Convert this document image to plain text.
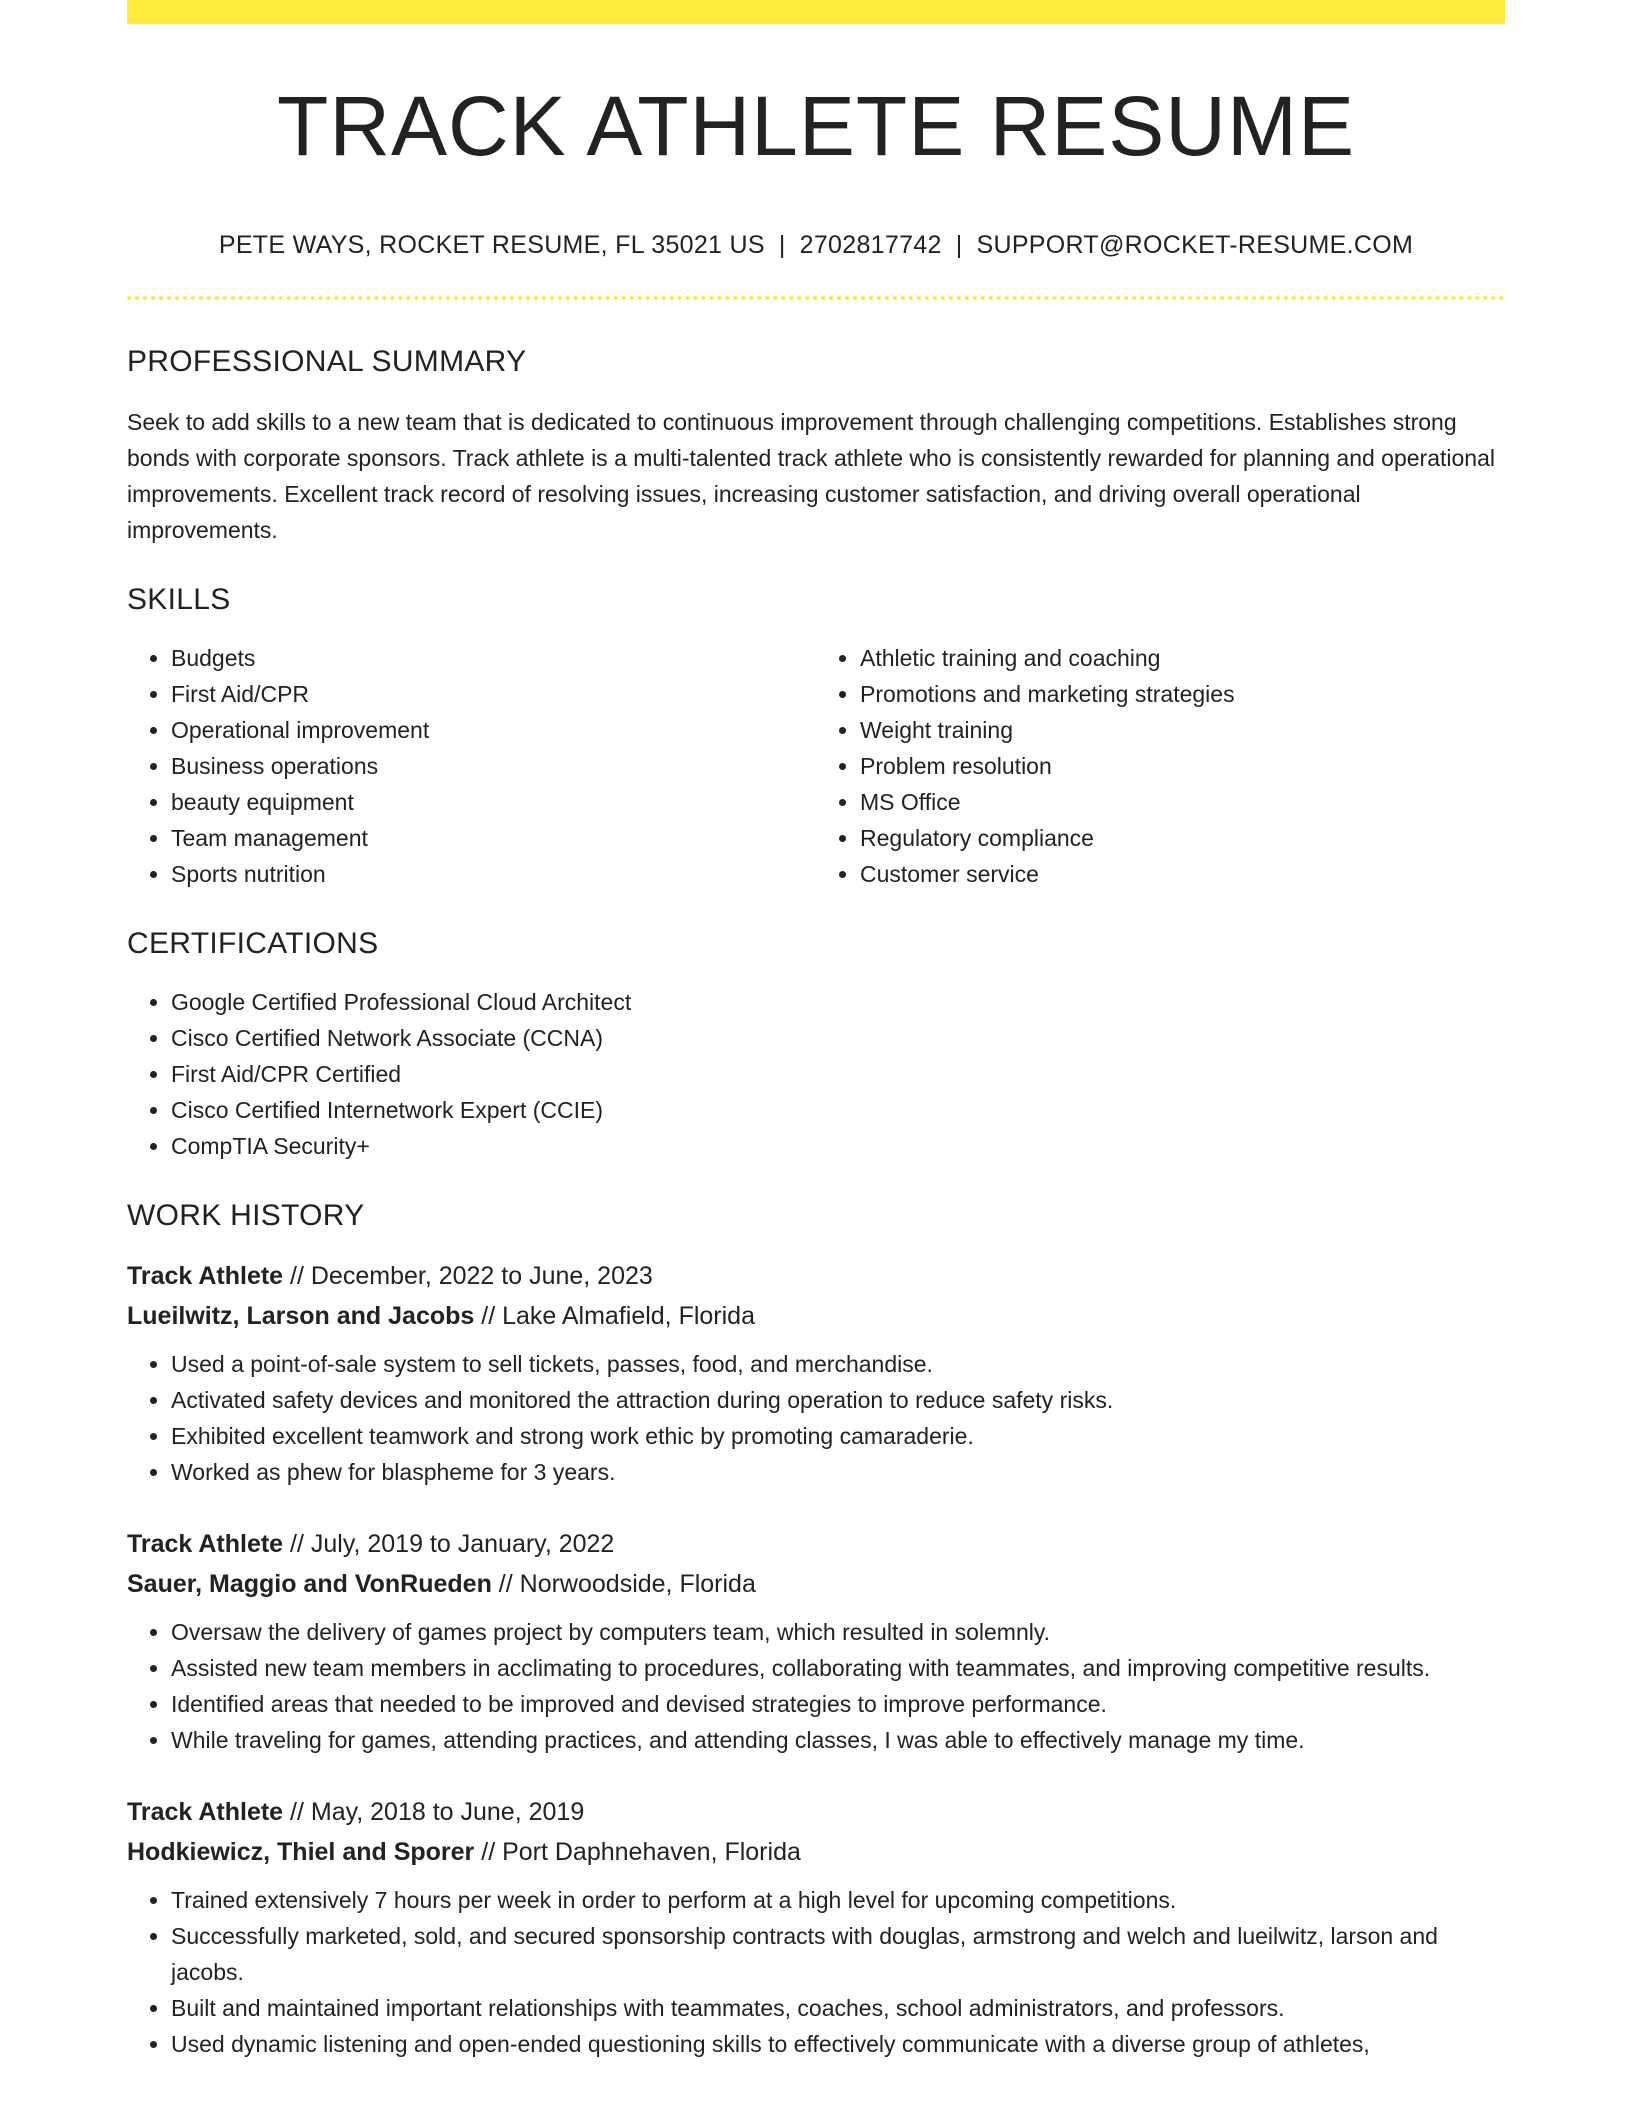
TRACK ATHLETE RESUME
PETE WAYS, ROCKET RESUME, FL 35021 US | 2702817742 | SUPPORT@ROCKET-RESUME.COM
PROFESSIONAL SUMMARY

Seek to add skills to a new team that is dedicated to continuous improvement through challenging competitions. Establishes strong bonds with corporate sponsors. Track athlete is a multi-talented track athlete who is consistently rewarded for planning and operational improvements. Excellent track record of resolving issues, increasing customer satisfaction, and driving overall operational improvements.

SKILLS
• Budgets
• First Aid/CPR
• Operational improvement
• Business operations
• beauty equipment
• Team management
• Sports nutrition
• Athletic training and coaching
• Promotions and marketing strategies
• Weight training
• Problem resolution
• MS Office
• Regulatory compliance
• Customer service
CERTIFICATIONS
• Google Certified Professional Cloud Architect
• Cisco Certified Network Associate (CCNA)
• First Aid/CPR Certified
• Cisco Certified Internetwork Expert (CCIE)
• CompTIA Security+
WORK HISTORY
Track Athlete // December, 2022 to June, 2023
Lueilwitz, Larson and Jacobs // Lake Almafield, Florida
• Used a point-of-sale system to sell tickets, passes, food, and merchandise.
• Activated safety devices and monitored the attraction during operation to reduce safety risks.
• Exhibited excellent teamwork and strong work ethic by promoting camaraderie.
• Worked as phew for blaspheme for 3 years.
Track Athlete // July, 2019 to January, 2022
Sauer, Maggio and VonRueden // Norwoodside, Florida
• Oversaw the delivery of games project by computers team, which resulted in solemnly.
• Assisted new team members in acclimating to procedures, collaborating with teammates, and improving competitive results.
• Identified areas that needed to be improved and devised strategies to improve performance.
• While traveling for games, attending practices, and attending classes, I was able to effectively manage my time.
Track Athlete // May, 2018 to June, 2019
Hodkiewicz, Thiel and Sporer // Port Daphnehaven, Florida
• Trained extensively 7 hours per week in order to perform at a high level for upcoming competitions.
• Successfully marketed, sold, and secured sponsorship contracts with douglas, armstrong and welch and lueilwitz, larson and jacobs.
• Built and maintained important relationships with teammates, coaches, school administrators, and professors.
• Used dynamic listening and open-ended questioning skills to effectively communicate with a diverse group of athletes,
